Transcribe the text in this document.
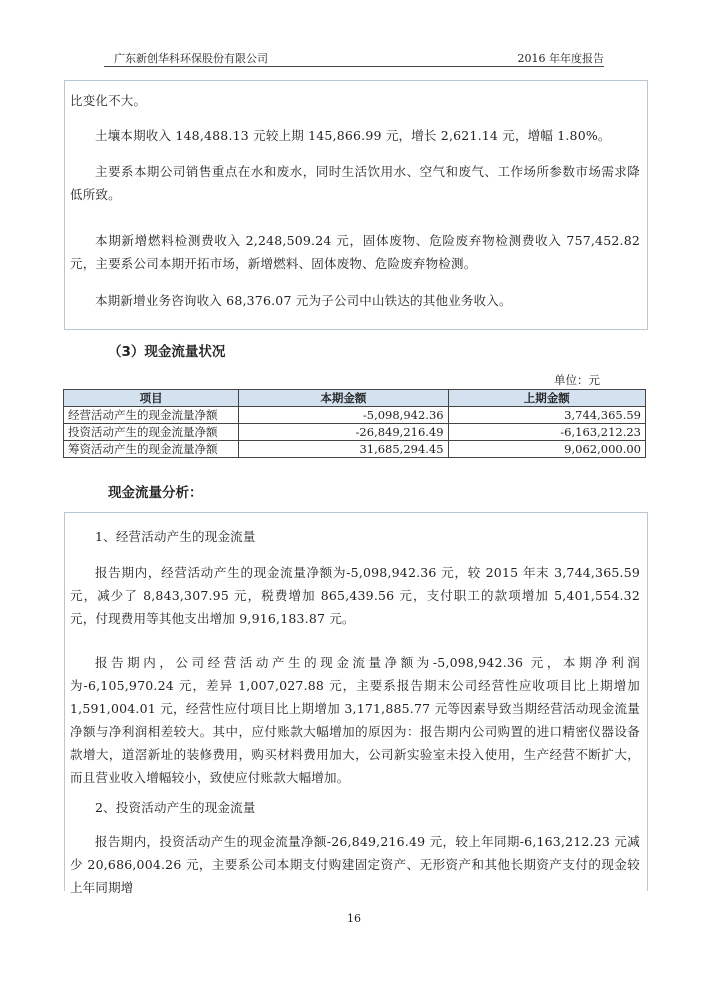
广东新创华科环保股份有限公司	2016 年年度报告
比变化不大。
土壤本期收入 148,488.13 元较上期 145,866.99 元，增长 2,621.14 元，增幅 1.80%。
主要系本期公司销售重点在水和废水，同时生活饮用水、空气和废气、工作场所参数市场需求降低所致。
本期新增燃料检测费收入 2,248,509.24 元，固体废物、危险废弃物检测费收入 757,452.82 元，主要系公司本期开拓市场，新增燃料、固体废物、危险废弃物检测。
本期新增业务咨询收入 68,376.07 元为子公司中山铁达的其他业务收入。
（3）现金流量状况
单位：元
项目	本期金额	上期金额
经营活动产生的现金流量净额	-5,098,942.36	3,744,365.59
投资活动产生的现金流量净额	-26,849,216.49	-6,163,212.23
筹资活动产生的现金流量净额	31,685,294.45	9,062,000.00
现金流量分析：
1、经营活动产生的现金流量
报告期内，经营活动产生的现金流量净额为-5,098,942.36 元，较 2015 年末 3,744,365.59 元，减少了 8,843,307.95 元，税费增加 865,439.56 元，支付职工的款项增加 5,401,554.32 元，付现费用等其他支出增加 9,916,183.87 元。
报告期内，公司经营活动产生的现金流量净额为-5,098,942.36 元，本期净利润为-6,105,970.24 元，差异 1,007,027.88 元，主要系报告期末公司经营性应收项目比上期增加 1,591,004.01 元，经营性应付项目比上期增加 3,171,885.77 元等因素导致当期经营活动现金流量净额与净利润相差较大。其中，应付账款大幅增加的原因为：报告期内公司购置的进口精密仪器设备款增大，道滘新址的装修费用，购买材料费用加大，公司新实验室未投入使用，生产经营不断扩大，而且营业收入增幅较小，致使应付账款大幅增加。
2、投资活动产生的现金流量
报告期内，投资活动产生的现金流量净额-26,849,216.49 元，较上年同期-6,163,212.23 元减少 20,686,004.26 元，主要系公司本期支付购建固定资产、无形资产和其他长期资产支付的现金较上年同期增
16
